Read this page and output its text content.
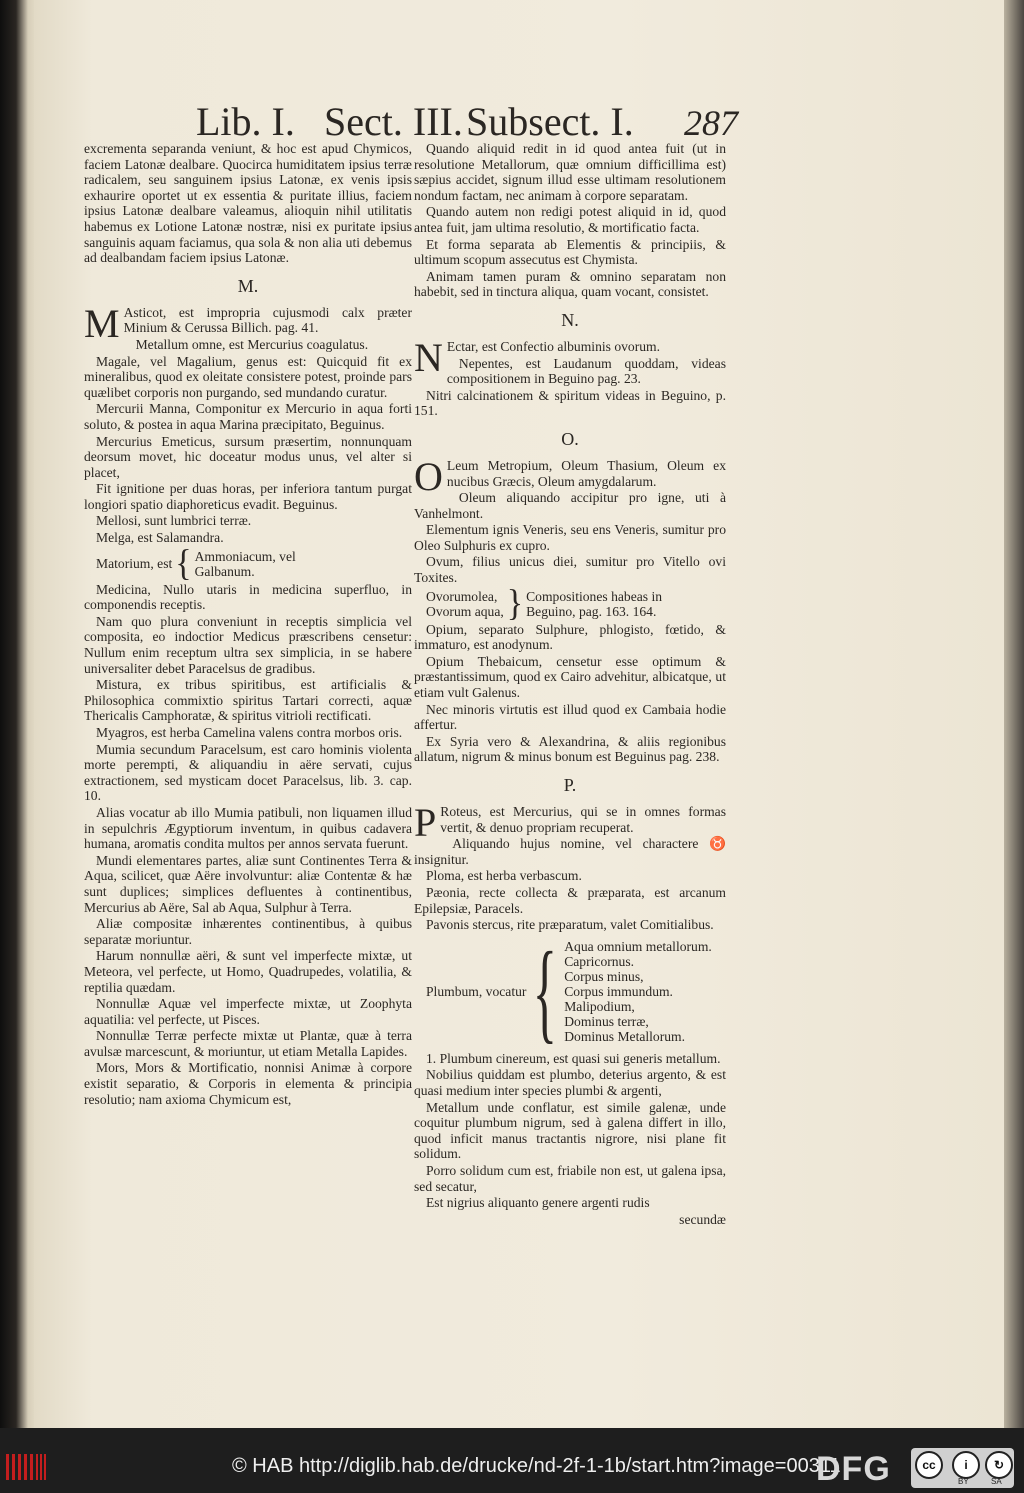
Lib. I. Sect. III. Subsect. I. 287

excrementa separanda veniunt, & hoc est apud Chymicos, faciem Latonæ dealbare. Quocirca humiditatem ipsius terræ radicalem, seu sanguinem ipsius Latonæ, ex venis ipsis exhaurire oportet ut ex essentia & puritate illius, faciem ipsius Latonæ dealbare valeamus, alioquin nihil utilitatis habemus ex Lotione Latonæ nostræ, nisi ex puritate ipsius sanguinis aquam faciamus, qua sola & non alia uti debemus ad dealbandam faciem ipsius Latonæ.

M.

M Asticot, est impropria cujusmodi calx præter Minium & Cerussa Billich. pag. 41.

Metallum omne, est Mercurius coagulatus.

Magale, vel Magalium, genus est: Quicquid fit ex mineralibus, quod ex oleitate consistere potest, proinde pars quælibet corporis non purgando, sed mundando curatur.

Mercurii Manna, Componitur ex Mercurio in aqua forti soluto, & postea in aqua Marina præcipitato, Beguinus.

Mercurius Emeticus, sursum præsertim, nonnunquam deorsum movet, hic doceatur modus unus, vel alter si placet,

Fit ignitione per duas horas, per inferiora tantum purgat longiori spatio diaphoreticus evadit. Beguinus.

Mellosi, sunt lumbrici terræ.

Melga, est Salamandra.

Matorium, est { Ammoniacum, vel
Galbanum.

Medicina, Nullo utaris in medicina superfluo, in componendis receptis.

Nam quo plura conveniunt in receptis simplicia vel composita, eo indoctior Medicus præscribens censetur: Nullum enim receptum ultra sex simplicia, in se habere universaliter debet Paracelsus de gradibus.

Mistura, ex tribus spiritibus, est artificialis & Philosophica commixtio spiritus Tartari correcti, aquæ Thericalis Camphoratæ, & spiritus vitrioli rectificati.

Myagros, est herba Camelina valens contra morbos oris.

Mumia secundum Paracelsum, est caro hominis violenta morte perempti, & aliquandiu in aëre servati, cujus extractionem, sed mysticam docet Paracelsus, lib. 3. cap. 10.

Alias vocatur ab illo Mumia patibuli, non liquamen illud in sepulchris Ægyptiorum inventum, in quibus cadavera humana, aromatis condita multos per annos servata fuerunt.

Mundi elementares partes, aliæ sunt Continentes Terra & Aqua, scilicet, quæ Aëre involvuntur: aliæ Contentæ & hæ sunt duplices; simplices defluentes à continentibus, Mercurius ab Aëre, Sal ab Aqua, Sulphur à Terra.

Aliæ compositæ inhærentes continentibus, à quibus separatæ moriuntur.

Harum nonnullæ aëri, & sunt vel imperfecte mixtæ, ut Meteora, vel perfecte, ut Homo, Quadrupedes, volatilia, & reptilia quædam.

Nonnullæ Aquæ vel imperfecte mixtæ, ut Zoophyta aquatilia: vel perfecte, ut Pisces.

Nonnullæ Terræ perfecte mixtæ ut Plantæ, quæ à terra avulsæ marcescunt, & moriuntur, ut etiam Metalla Lapides.

Mors, Mors & Mortificatio, nonnisi Animæ à corpore existit separatio, & Corporis in elementa & principia resolutio; nam axioma Chymicum est,

Quando aliquid redit in id quod antea fuit (ut in resolutione Metallorum, quæ omnium difficillima est) sæpius accidet, signum illud esse ultimam resolutionem nondum factam, nec animam à corpore separatam.

Quando autem non redigi potest aliquid in id, quod antea fuit, jam ultima resolutio, & mortificatio facta.

Et forma separata ab Elementis & principiis, & ultimum scopum assecutus est Chymista.

Animam tamen puram & omnino separatam non habebit, sed in tinctura aliqua, quam vocant, consistet.

N.

N Ectar, est Confectio albuminis ovorum.

Nepentes, est Laudanum quoddam, videas compositionem in Beguino pag. 23.

Nitri calcinationem & spiritum videas in Beguino, p. 151.

O.

O Leum Metropium, Oleum Thasium, Oleum ex nucibus Græcis, Oleum amygdalarum.

Oleum aliquando accipitur pro igne, uti à Vanhelmont.

Elementum ignis Veneris, seu ens Veneris, sumitur pro Oleo Sulphuris ex cupro.

Ovum, filius unicus diei, sumitur pro Vitello ovi Toxites.

Ovorumolea,
Ovorum aqua, } Compositiones habeas in
Beguino, pag. 163. 164.

Opium, separato Sulphure, phlogisto, fœtido, & immaturo, est anodynum.

Opium Thebaicum, censetur esse optimum & præstantissimum, quod ex Cairo advehitur, albicatque, ut etiam vult Galenus.

Nec minoris virtutis est illud quod ex Cambaia hodie affertur.

Ex Syria vero & Alexandrina, & aliis regionibus allatum, nigrum & minus bonum est Beguinus pag. 238.

P.

P Roteus, est Mercurius, qui se in omnes formas vertit, & denuo propriam recuperat.

Aliquando hujus nomine, vel charactere ♉ insignitur.

Ploma, est herba verbascum.

Pæonia, recte collecta & præparata, est arcanum Epilepsiæ, Paracels.

Pavonis stercus, rite præparatum, valet Comitialibus.

Plumbum, vocatur { Aqua omnium metallorum.
Capricornus.
Corpus minus,
Corpus immundum.
Malipodium,
Dominus terræ,
Dominus Metallorum.

1. Plumbum cinereum, est quasi sui generis metallum.

Nobilius quiddam est plumbo, deterius argento, & est quasi medium inter species plumbi & argenti,

Metallum unde conflatur, est simile galenæ, unde coquitur plumbum nigrum, sed à galena differt in illo, quod inficit manus tractantis nigrore, nisi plane fit solidum.

Porro solidum cum est, friabile non est, ut galena ipsa, sed secatur,

Est nigrius aliquanto genere argenti rudis

secundæ
© HAB http://diglib.hab.de/drucke/nd-2f-1-1b/start.htm?image=00311
DFG	cc	i	↻
BY	SA
